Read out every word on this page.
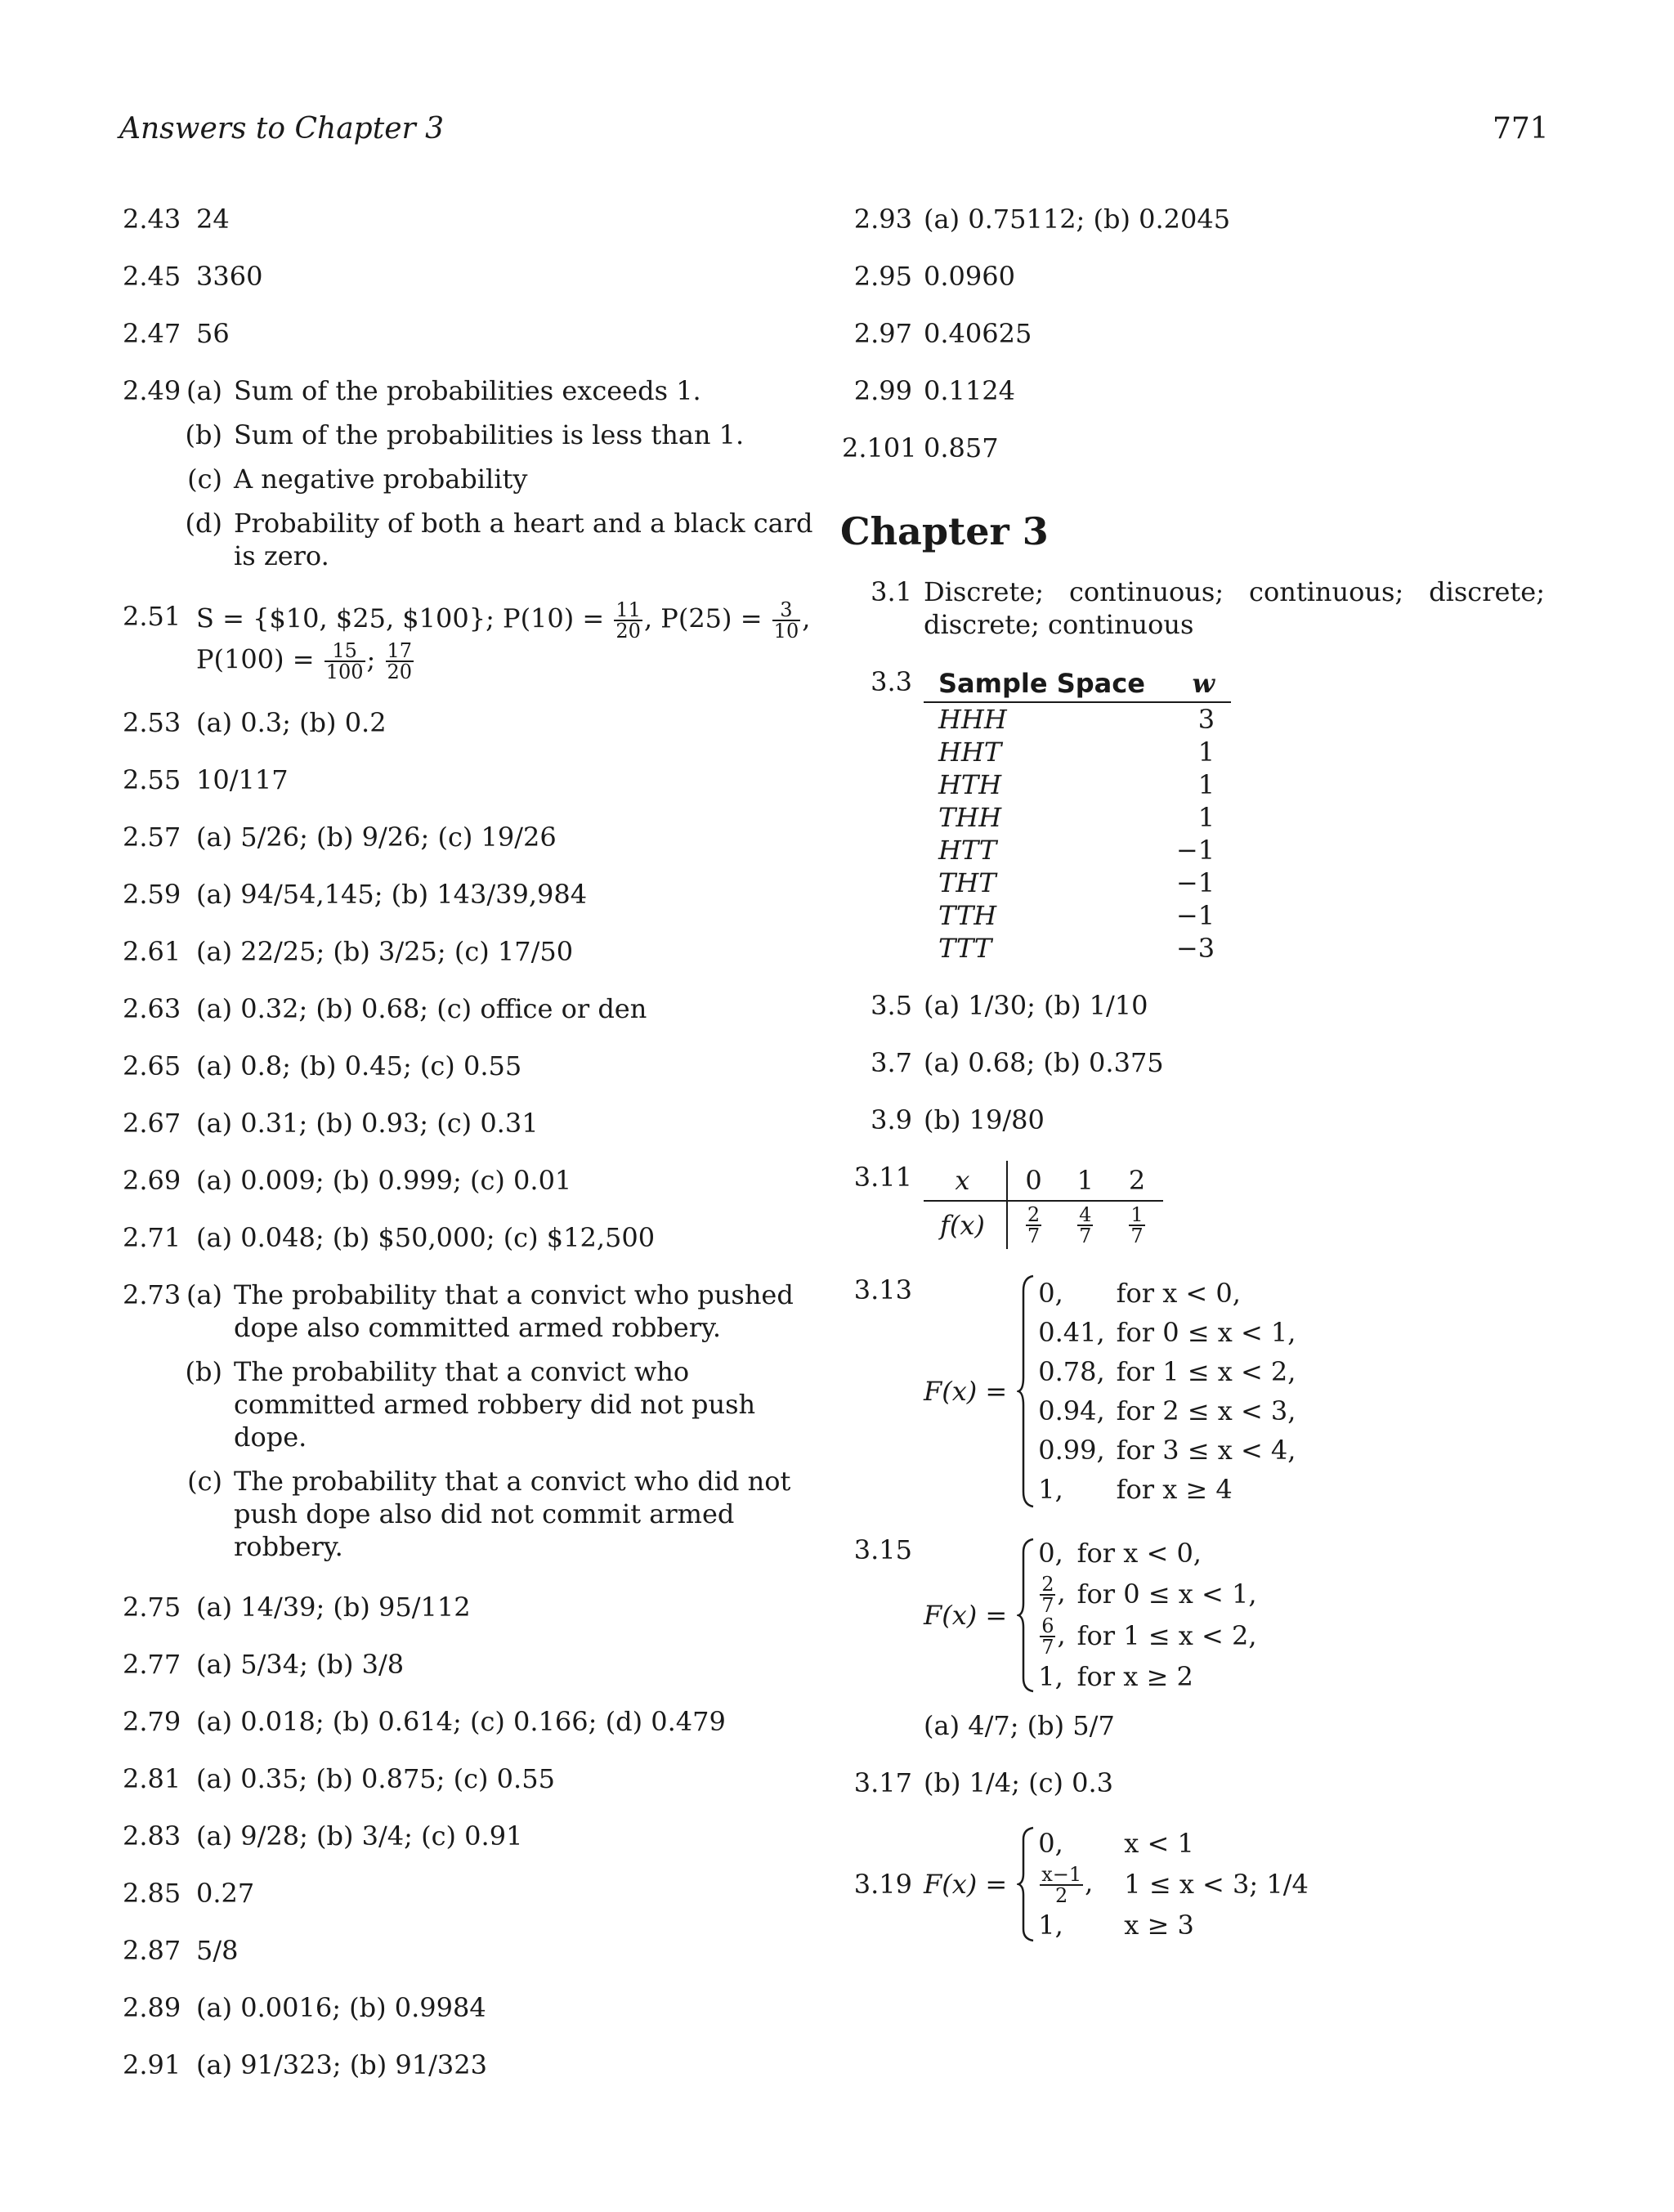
Answers to Chapter 3	771
2.43 24
2.45 3360
2.47 56
2.49 (a) Sum of the probabilities exceeds 1.
(b) Sum of the probabilities is less than 1.
(c) A negative probability
(d) Probability of both a heart and a black card is zero.
2.51 S = {$10, $25, $100}; $P(10) = \frac{11}{20}$ , $P(25) = \frac{3}{10}$ ,
$P(100) = \frac{15}{100}$ ; $\frac{17}{20}$
2.53 (a) 0.3; (b) 0.2
2.55 10/117
2.57 (a) 5/26; (b) 9/26; (c) 19/26
2.59 (a) 94/54,145; (b) 143/39,984
2.61 (a) 22/25; (b) 3/25; (c) 17/50
2.63 (a) 0.32; (b) 0.68; (c) office or den
2.65 (a) 0.8; (b) 0.45; (c) 0.55
2.67 (a) 0.31; (b) 0.93; (c) 0.31
2.69 (a) 0.009; (b) 0.999; (c) 0.01
2.71 (a) 0.048; (b) $50,000; (c) $12,500
2.73 (a) The probability that a convict who pushed dope also committed armed robbery.
(b) The probability that a convict who committed armed robbery did not push dope.
(c) The probability that a convict who did not push dope also did not commit armed robbery.
2.75 (a) 14/39; (b) 95/112
2.77 (a) 5/34; (b) 3/8
2.79 (a) 0.018; (b) 0.614; (c) 0.166; (d) 0.479
2.81 (a) 0.35; (b) 0.875; (c) 0.55
2.83 (a) 9/28; (b) 3/4; (c) 0.91
2.85 0.27
2.87 5/8
2.89 (a) 0.0016; (b) 0.9984
2.91 (a) 91/323; (b) 91/323
2.93 (a) 0.75112; (b) 0.2045
2.95 0.0960
2.97 0.40625
2.99 0.1124
2.101 0.857
Chapter 3
3.1 Discrete; continuous; continuous; discrete; discrete; continuous
3.3	Sample Space	w
HHH	3
HHT	1
HTH	1
THH	1
HTT	−1
THT	−1
TTH	−1
TTT	−3
3.5 (a) 1/30; (b) 1/10
3.7 (a) 0.68; (b) 0.375
3.9 (b) 19/80
3.11	x	0	1	2
f(x)	$\frac{2}{7}$	$\frac{4}{7}$	$\frac{1}{7}$
3.13
F(x) =
0,	for x < 0,
0.41,	for 0 ≤ x < 1,
0.78,	for 1 ≤ x < 2,
0.94,	for 2 ≤ x < 3,
0.99,	for 3 ≤ x < 4,
1,	for x ≥ 4
3.15
F(x) =
0,	for x < 0,

$\frac{2}{7}$ ,	for 0 ≤ x < 1,

$\frac{6}{7}$ ,	for 1 ≤ x < 2,
1,	for x ≥ 2
(a) 4/7; (b) 5/7
3.17 (b) 1/4; (c) 0.3
3.19 F(x) =
0,	x < 1

$\frac{x-1}{2}$ ,	1 ≤ x < 3; 1/4
1,	x ≥ 3
